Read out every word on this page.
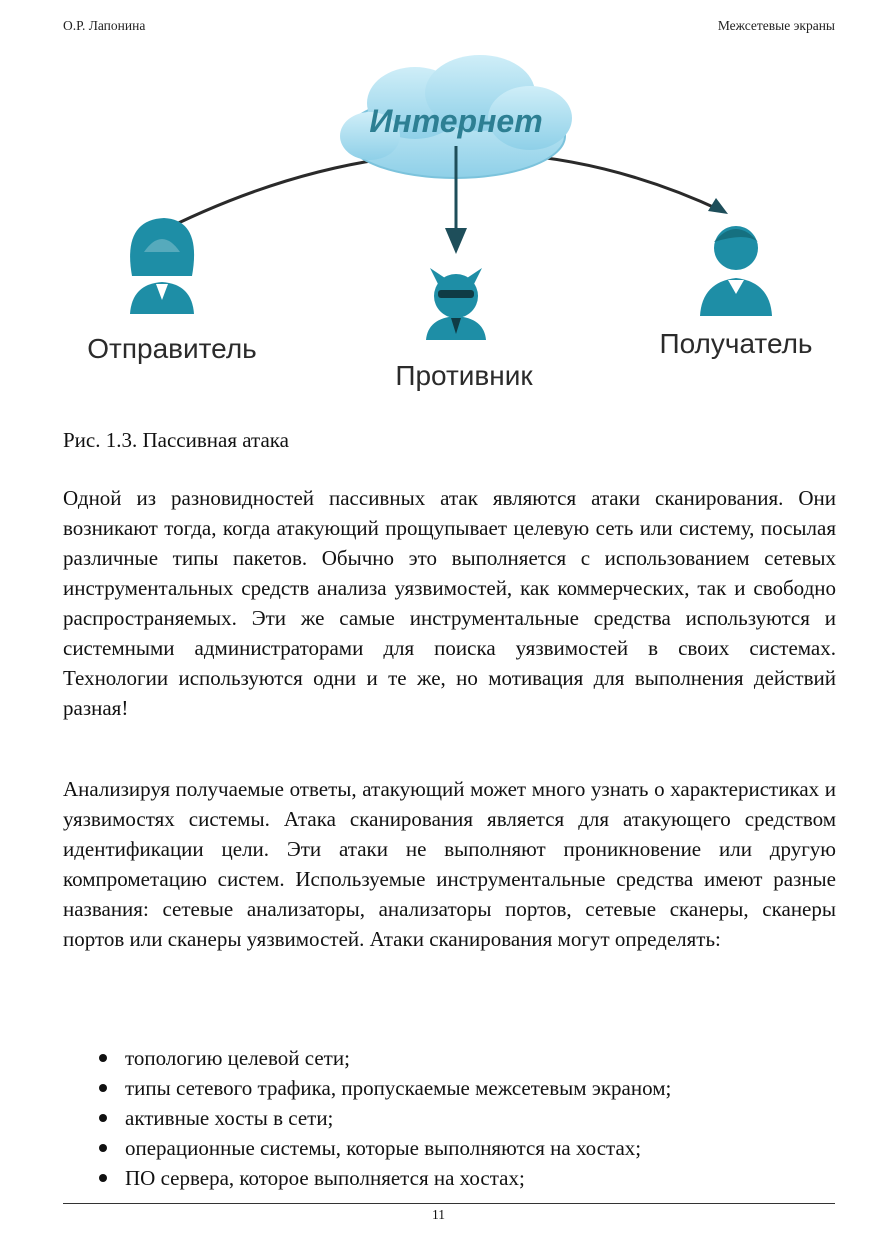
О.Р. Лапонина	Межсетевые экраны
Интернет
Отправитель
Противник
Получатель
Рис. 1.3. Пассивная атака

Одной из разновидностей пассивных атак являются атаки сканирования. Они возникают тогда, когда атакующий прощупывает целевую сеть или систему, посылая различные типы пакетов. Обычно это выполняется с использованием сетевых инструментальных средств анализа уязвимостей, как коммерческих, так и свободно распространяемых. Эти же самые инструментальные средства используются и системными администраторами для поиска уязвимостей в своих системах. Технологии используются одни и те же, но мотивация для выполнения действий разная!

Анализируя получаемые ответы, атакующий может много узнать о характеристиках и уязвимостях системы. Атака сканирования является для атакующего средством идентификации цели. Эти атаки не выполняют проникновение или другую компрометацию систем. Используемые инструментальные средства имеют разные названия: сетевые анализаторы, анализаторы портов, сетевые сканеры, сканеры портов или сканеры уязвимостей. Атаки сканирования могут определять:

топологию целевой сети;
типы сетевого трафика, пропускаемые межсетевым экраном;
активные хосты в сети;
операционные системы, которые выполняются на хостах;
ПО сервера, которое выполняется на хостах;
11
